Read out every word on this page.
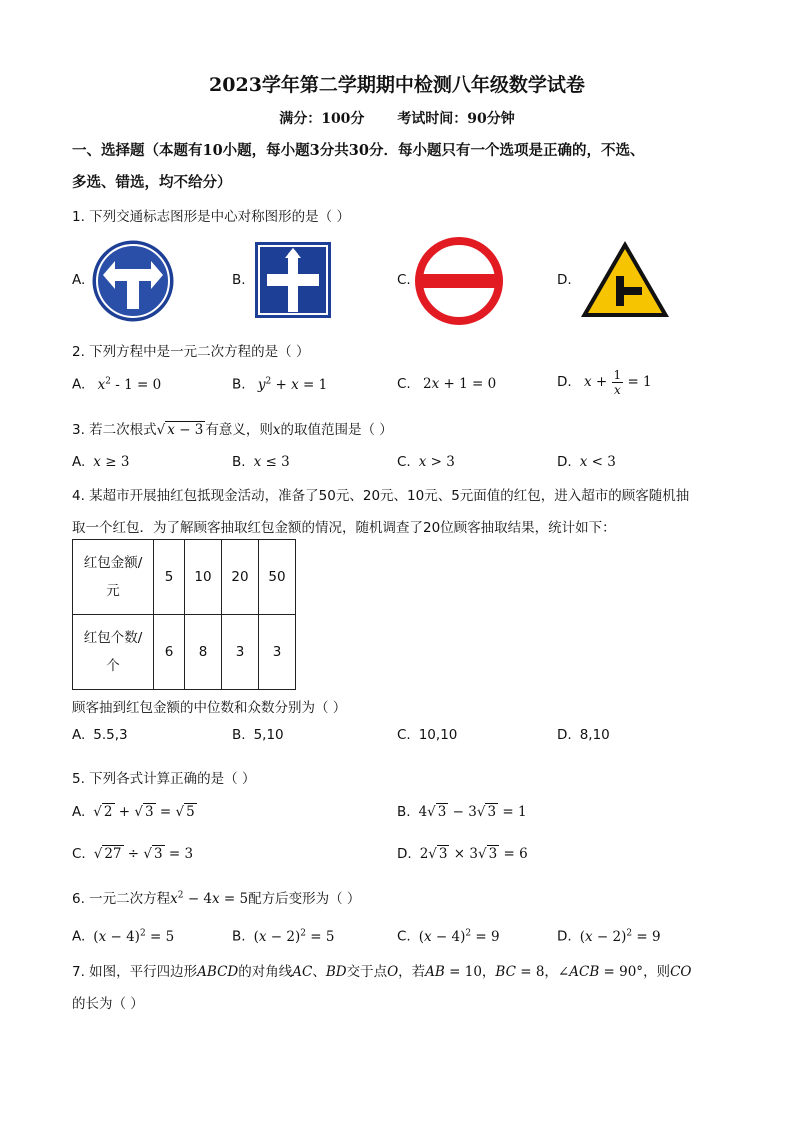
2023学年第二学期期中检测八年级数学试卷
满分：100分 考试时间：90分钟
一、选择题（本题有10小题，每小题3分共30分．每小题只有一个选项是正确的，不选、
多选、错选，均不给分）
1. 下列交通标志图形是中心对称图形的是（ ）
A.	B.	C.	D.
2. 下列方程中是一元二次方程的是（ ）
A. $x^2 - 1 = 0$	B. $y^2 + x = 1$	C. 2x + 1 = 0	D. $x + \frac{1}{x} = 1$
3. 若二次根式√ x − 3 有意义，则x的取值范围是（ ）
A. x ≥ 3	B. x ≤ 3	C. x > 3	D. x < 3
4. 某超市开展抽红包抵现金活动，准备了50元、20元、10元、5元面值的红包，进入超市的顾客随机抽
取一个红包．为了解顾客抽取红包金额的情况，随机调查了20位顾客抽取结果，统计如下：
红包金额/
元	5	10	20	50

红包个数/
个	6	8	3	3
顾客抽到红包金额的中位数和众数分别为（ ）
A. 5.5,3	B. 5,10	C. 10,10	D. 8,10
5. 下列各式计算正确的是（ ）
A. √ 2 + √ 3 = √ 5	B. 4√ 3 − 3√ 3 = 1
C. √ 27 ÷ √ 3 = 3	D. 2√ 3 × 3√ 3 = 6
6. 一元二次方程$x^2 - 4x = 5$配方后变形为（ ）
A. $(x - 4)^2 = 5$	B. $(x - 2)^2 = 5$	C. $(x - 4)^2 = 9$	D. $(x - 2)^2 = 9$
7. 如图，平行四边形ABCD的对角线AC、BD交于点O，若AB = 10，BC = 8，∠ACB = 90°，则CO
的长为（ ）
